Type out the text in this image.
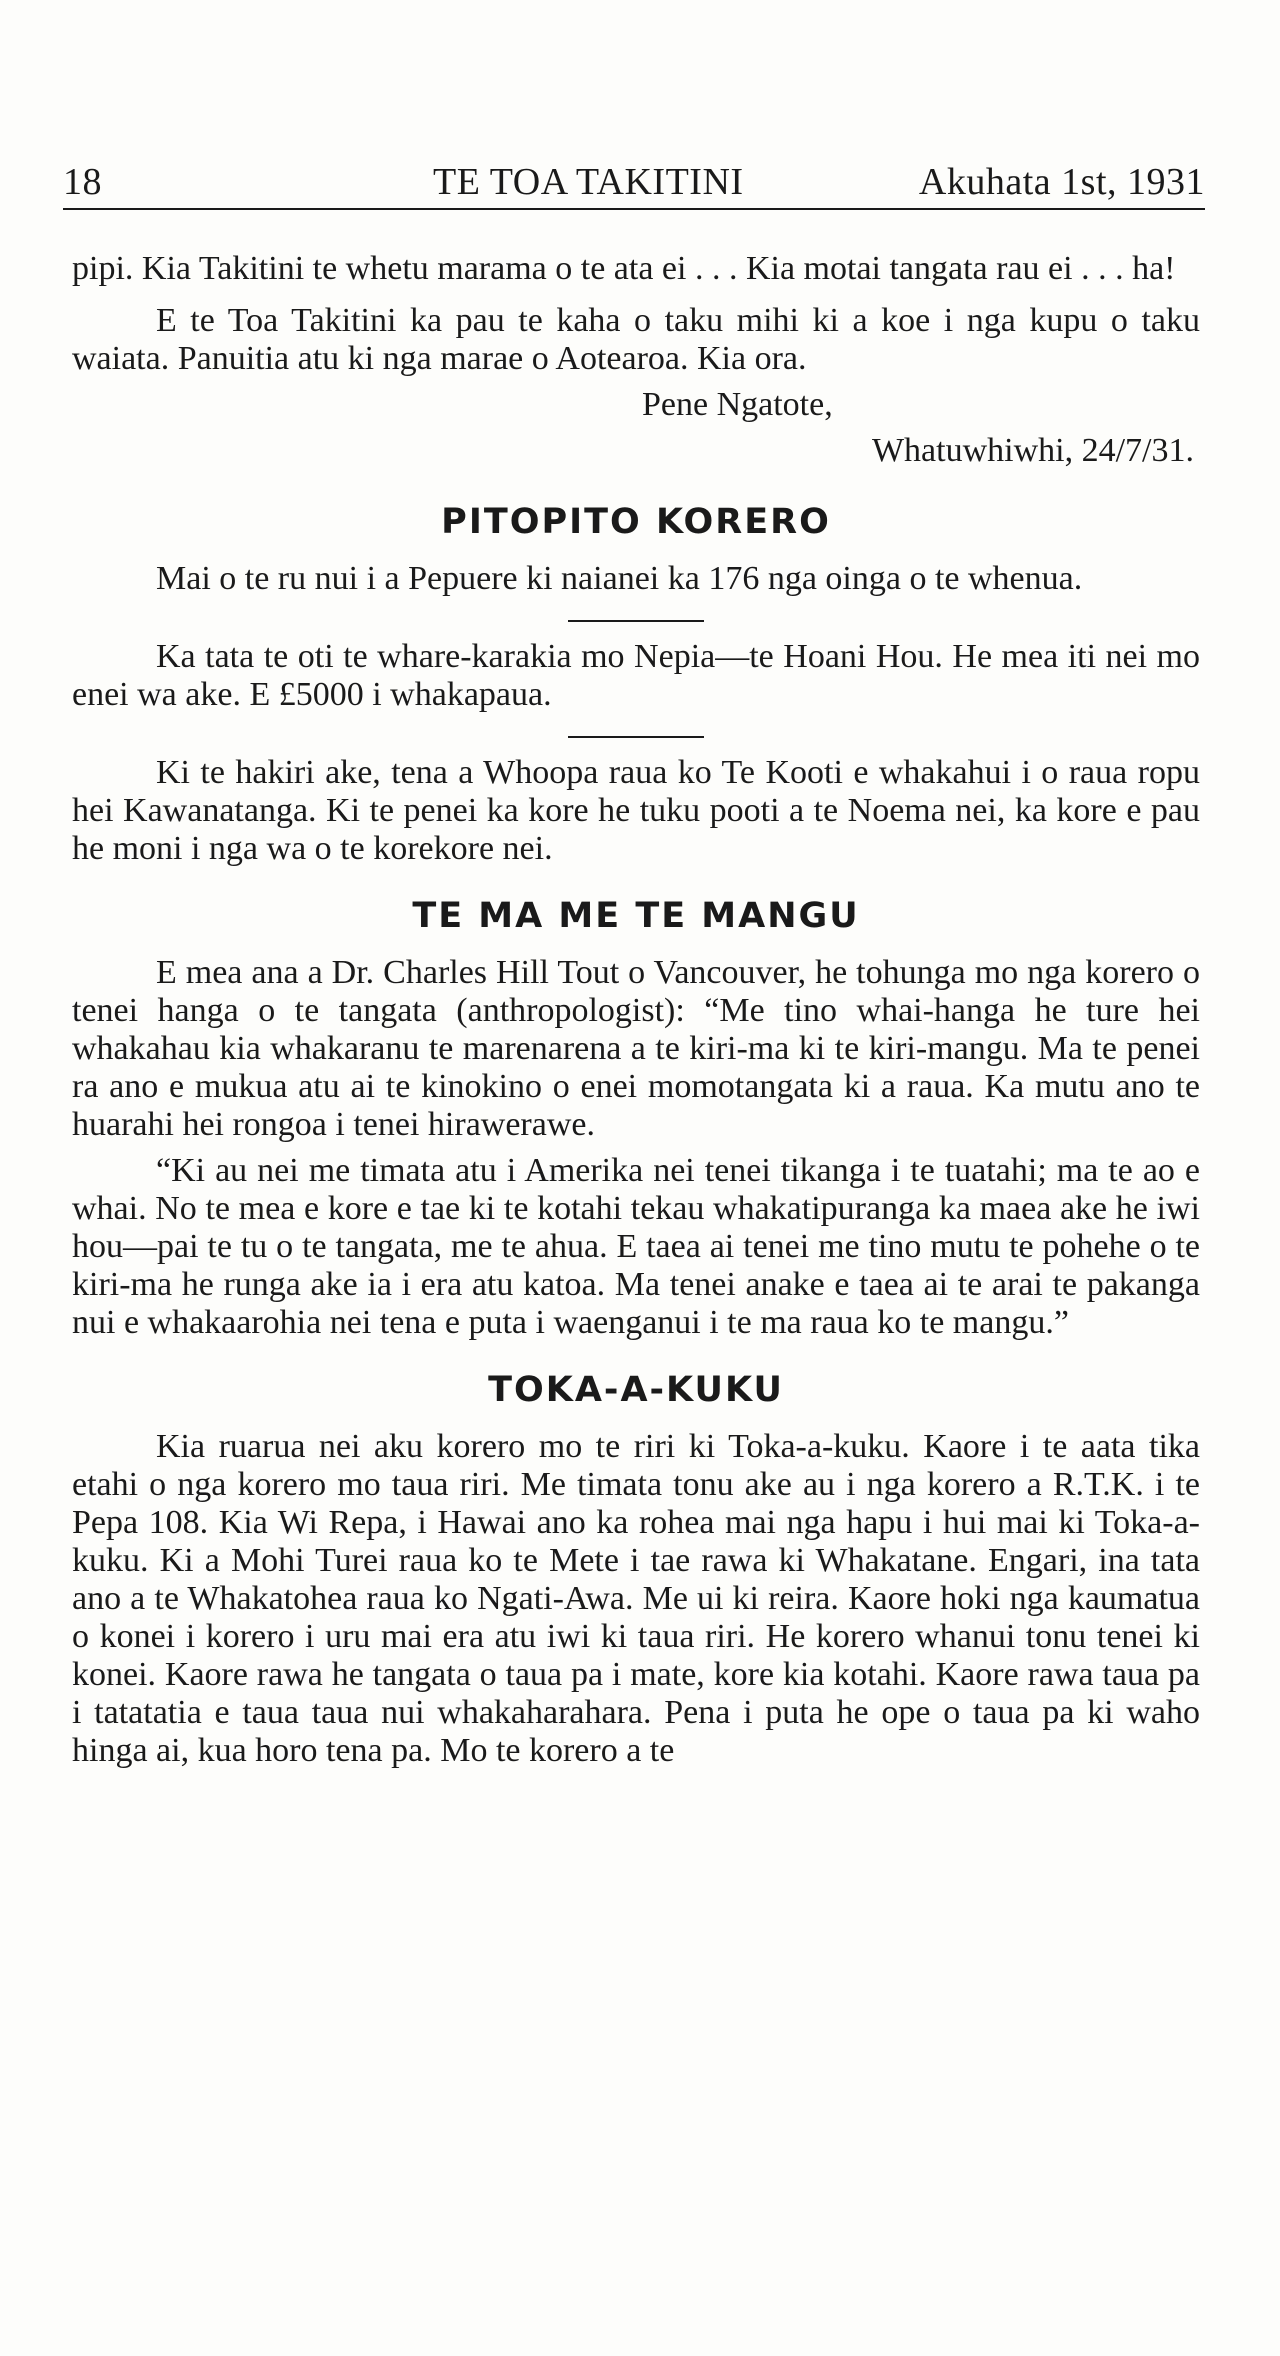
18	TE TOA TAKITINI	Akuhata 1st, 1931

pipi. Kia Takitini te whetu marama o te ata ei . . . Kia motai tangata rau ei . . . ha!

E te Toa Takitini ka pau te kaha o taku mihi ki a koe i nga kupu o taku waiata. Panuitia atu ki nga marae o Aotearoa. Kia ora.

Pene Ngatote,

Whatuwhiwhi, 24/7/31.

PITOPITO KORERO

Mai o te ru nui i a Pepuere ki naianei ka 176 nga oinga o te whenua.

Ka tata te oti te whare-karakia mo Nepia—te Hoani Hou. He mea iti nei mo enei wa ake. E £5000 i whakapaua.

Ki te hakiri ake, tena a Whoopa raua ko Te Kooti e whakahui i o raua ropu hei Kawanatanga. Ki te penei ka kore he tuku pooti a te Noema nei, ka kore e pau he moni i nga wa o te korekore nei.

TE MA ME TE MANGU

E mea ana a Dr. Charles Hill Tout o Vancouver, he tohunga mo nga korero o tenei hanga o te tangata (anthropologist): “Me tino whai-hanga he ture hei whakahau kia whakaranu te marenarena a te kiri-ma ki te kiri-mangu. Ma te penei ra ano e mukua atu ai te kinokino o enei momotangata ki a raua. Ka mutu ano te huarahi hei rongoa i tenei hirawerawe.

“Ki au nei me timata atu i Amerika nei tenei tikanga i te tuatahi; ma te ao e whai. No te mea e kore e tae ki te kotahi tekau whakatipuranga ka maea ake he iwi hou—pai te tu o te tangata, me te ahua. E taea ai tenei me tino mutu te pohehe o te kiri-ma he runga ake ia i era atu katoa. Ma tenei anake e taea ai te arai te pakanga nui e whakaarohia nei tena e puta i waenganui i te ma raua ko te mangu.”

TOKA-A-KUKU

Kia ruarua nei aku korero mo te riri ki Toka-a-kuku. Kaore i te aata tika etahi o nga korero mo taua riri. Me timata tonu ake au i nga korero a R.T.K. i te Pepa 108. Kia Wi Repa, i Hawai ano ka rohea mai nga hapu i hui mai ki Toka-a-kuku. Ki a Mohi Turei raua ko te Mete i tae rawa ki Whakatane. Engari, ina tata ano a te Whakatohea raua ko Ngati-Awa. Me ui ki reira. Kaore hoki nga kaumatua o konei i korero i uru mai era atu iwi ki taua riri. He korero whanui tonu tenei ki konei. Kaore rawa he tangata o taua pa i mate, kore kia kotahi. Kaore rawa taua pa i tatatatia e taua taua nui whakaharahara. Pena i puta he ope o taua pa ki waho hinga ai, kua horo tena pa. Mo te korero a te
